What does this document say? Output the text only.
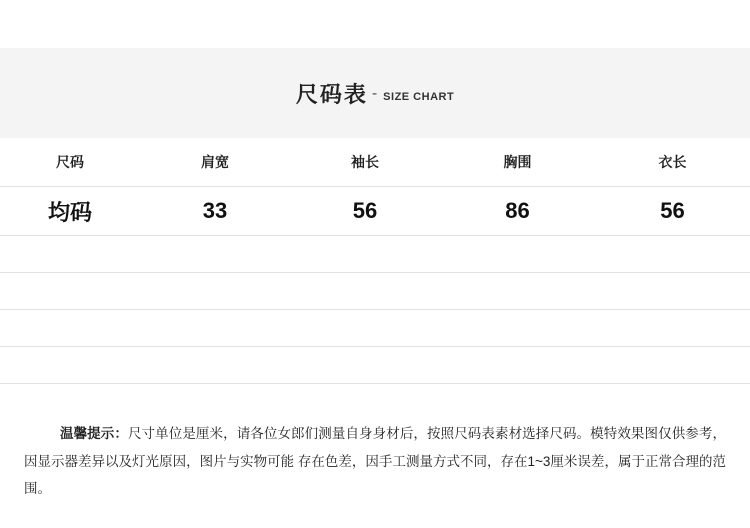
尺码表 - SIZE CHART
尺码	肩宽	袖长	胸围	衣长
均码	33	56	86	56

温馨提示：尺寸单位是厘米，请各位女郎们测量自身身材后，按照尺码表素材选择尺码。模特效果图仅供参考，因显示器差异以及灯光原因，图片与实物可能 存在色差，因手工测量方式不同，存在1~3厘米误差，属于正常合理的范围。
